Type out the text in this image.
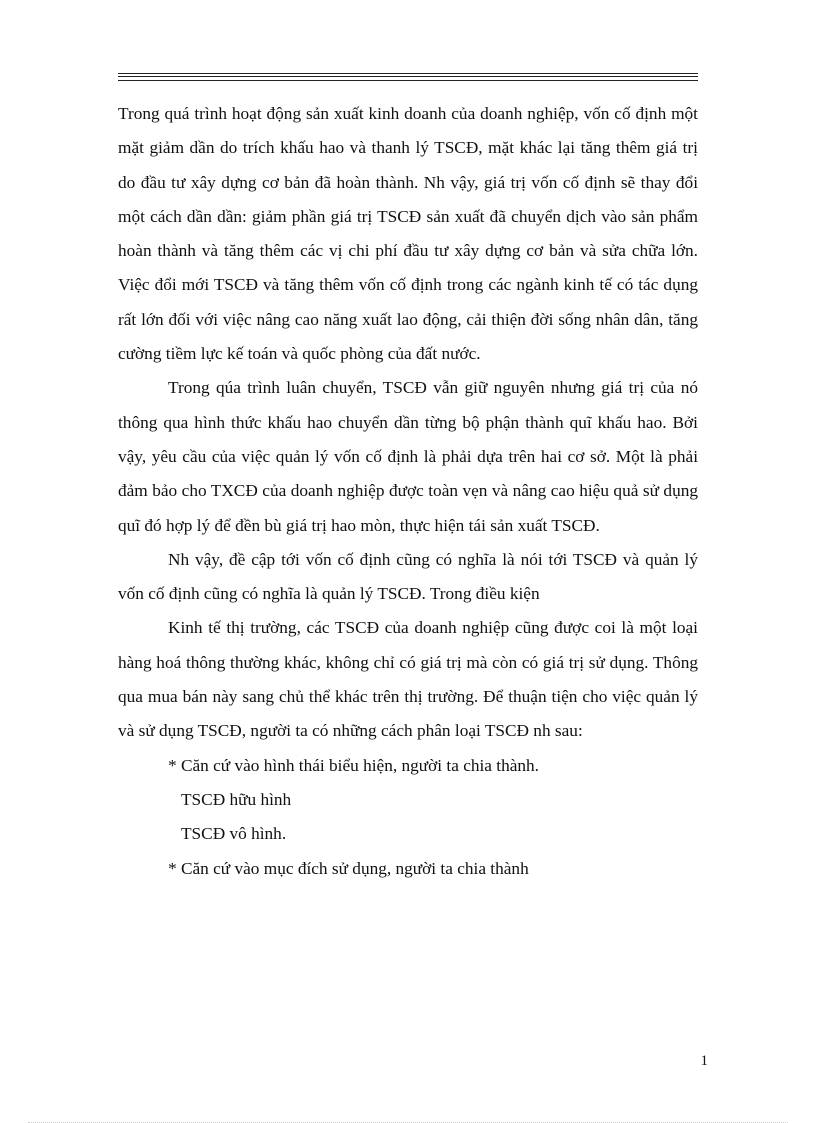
Trong quá trình hoạt động sản xuất kinh doanh của doanh nghiệp, vốn cố định một mặt giảm dần do trích khấu hao và thanh lý TSCĐ, mặt khác lại tăng thêm giá trị do đầu tư xây dựng cơ bản đã hoàn thành. Nh vậy, giá trị vốn cố định sẽ thay đổi một cách dần dần: giảm phần giá trị TSCĐ sản xuất đã chuyển dịch vào sản phẩm hoàn thành và tăng thêm các vị chi phí đầu tư xây dựng cơ bản và sửa chữa lớn. Việc đổi mới TSCĐ và tăng thêm vốn cố định trong các ngành kinh tế có tác dụng rất lớn đối với việc nâng cao năng xuất lao động, cải thiện đời sống nhân dân, tăng cường tiềm lực kế toán và quốc phòng của đất nước.

Trong qúa trình luân chuyển, TSCĐ vẫn giữ nguyên nhưng giá trị của nó thông qua hình thức khấu hao chuyển dần từng bộ phận thành quĩ khấu hao. Bởi vậy, yêu cầu của việc quản lý vốn cố định là phải dựa trên hai cơ sở. Một là phải đảm bảo cho TXCĐ của doanh nghiệp được toàn vẹn và nâng cao hiệu quả sử dụng quĩ đó hợp lý để đền bù giá trị hao mòn, thực hiện tái sản xuất TSCĐ.

Nh vậy, đề cập tới vốn cố định cũng có nghĩa là nói tới TSCĐ và quản lý vốn cố định cũng có nghĩa là quản lý TSCĐ. Trong điều kiện

Kinh tế thị trường, các TSCĐ của doanh nghiệp cũng được coi là một loại hàng hoá thông thường khác, không chỉ có giá trị mà còn có giá trị sử dụng. Thông qua mua bán này sang chủ thể khác trên thị trường. Để thuận tiện cho việc quản lý và sử dụng TSCĐ, người ta có những cách phân loại TSCĐ nh sau:

* Căn cứ vào hình thái biểu hiện, người ta chia thành.

TSCĐ hữu hình

TSCĐ vô hình.

* Căn cứ vào mục đích sử dụng, người ta chia thành

1
